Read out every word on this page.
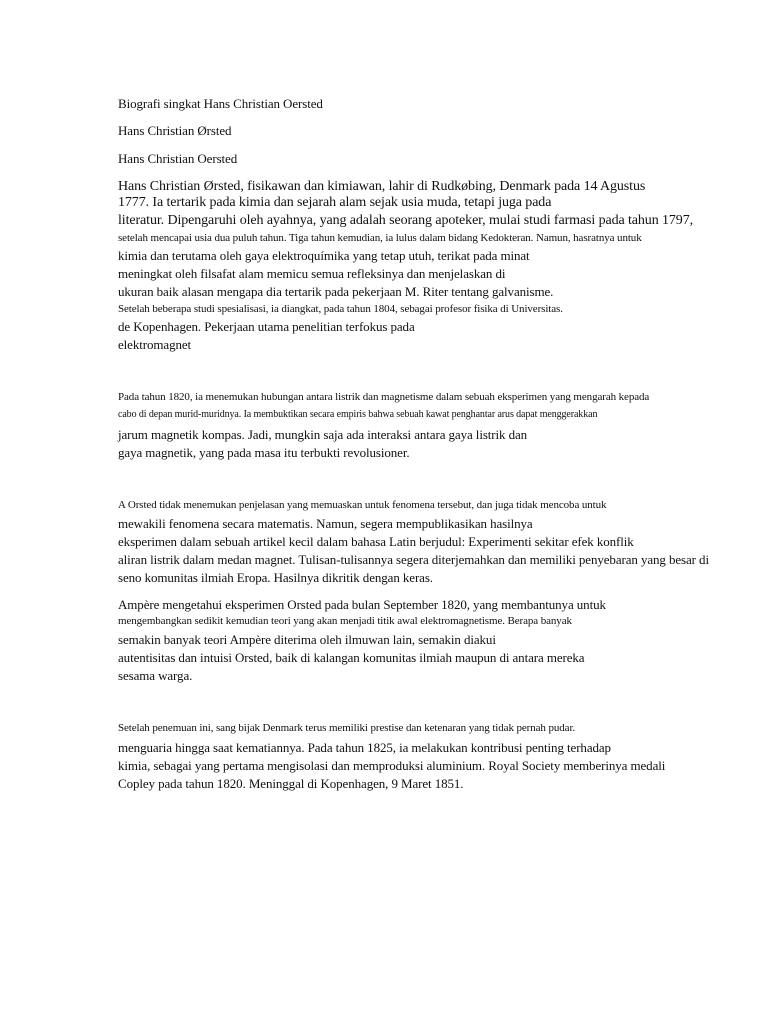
Biografi singkat Hans Christian Oersted
Hans Christian Ørsted
Hans Christian Oersted
Hans Christian Ørsted, fisikawan dan kimiawan, lahir di Rudkøbing, Denmark pada 14 Agustus
1777. Ia tertarik pada kimia dan sejarah alam sejak usia muda, tetapi juga pada
literatur. Dipengaruhi oleh ayahnya, yang adalah seorang apoteker, mulai studi farmasi pada tahun 1797,
setelah mencapai usia dua puluh tahun. Tiga tahun kemudian, ia lulus dalam bidang Kedokteran. Namun, hasratnya untuk
kimia dan terutama oleh gaya elektroquímika yang tetap utuh, terikat pada minat
meningkat oleh filsafat alam memicu semua refleksinya dan menjelaskan di
ukuran baik alasan mengapa dia tertarik pada pekerjaan M. Riter tentang galvanisme.
Setelah beberapa studi spesialisasi, ia diangkat, pada tahun 1804, sebagai profesor fisika di Universitas.
de Kopenhagen. Pekerjaan utama penelitian terfokus pada
elektromagnet
Pada tahun 1820, ia menemukan hubungan antara listrik dan magnetisme dalam sebuah eksperimen yang mengarah kepada
cabo di depan murid-muridnya. Ia membuktikan secara empiris bahwa sebuah kawat penghantar arus dapat menggerakkan
jarum magnetik kompas. Jadi, mungkin saja ada interaksi antara gaya listrik dan
gaya magnetik, yang pada masa itu terbukti revolusioner.
A Orsted tidak menemukan penjelasan yang memuaskan untuk fenomena tersebut, dan juga tidak mencoba untuk
mewakili fenomena secara matematis. Namun, segera mempublikasikan hasilnya
eksperimen dalam sebuah artikel kecil dalam bahasa Latin berjudul: Experimenti sekitar efek konflik
aliran listrik dalam medan magnet. Tulisan-tulisannya segera diterjemahkan dan memiliki penyebaran yang besar di
seno komunitas ilmiah Eropa. Hasilnya dikritik dengan keras.
Ampère mengetahui eksperimen Orsted pada bulan September 1820, yang membantunya untuk
mengembangkan sedikit kemudian teori yang akan menjadi titik awal elektromagnetisme. Berapa banyak
semakin banyak teori Ampère diterima oleh ilmuwan lain, semakin diakui
autentisitas dan intuisi Orsted, baik di kalangan komunitas ilmiah maupun di antara mereka
sesama warga.
Setelah penemuan ini, sang bijak Denmark terus memiliki prestise dan ketenaran yang tidak pernah pudar.
menguaria hingga saat kematiannya. Pada tahun 1825, ia melakukan kontribusi penting terhadap
kimia, sebagai yang pertama mengisolasi dan memproduksi aluminium. Royal Society memberinya medali
Copley pada tahun 1820. Meninggal di Kopenhagen, 9 Maret 1851.
